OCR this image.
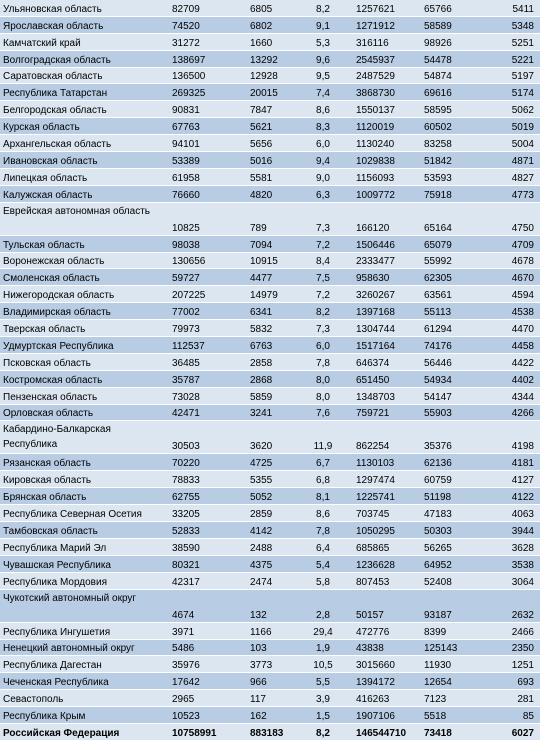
Ульяновская область	82709	6805	8,2	1257621	65766	5411
Ярославская область	74520	6802	9,1	1271912	58589	5348
Камчатский край	31272	1660	5,3	316116	98926	5251
Волгоградская область	138697	13292	9,6	2545937	54478	5221
Саратовская область	136500	12928	9,5	2487529	54874	5197
Республика Татарстан	269325	20015	7,4	3868730	69616	5174
Белгородская область	90831	7847	8,6	1550137	58595	5062
Курская область	67763	5621	8,3	1120019	60502	5019
Архангельская область	94101	5656	6,0	1130240	83258	5004
Ивановская область	53389	5016	9,4	1029838	51842	4871
Липецкая область	61958	5581	9,0	1156093	53593	4827
Калужская область	76660	4820	6,3	1009772	75918	4773
Еврейская автономная область	10825	789	7,3	166120	65164	4750
Тульская область	98038	7094	7,2	1506446	65079	4709
Воронежская область	130656	10915	8,4	2333477	55992	4678
Смоленская область	59727	4477	7,5	958630	62305	4670
Нижегородская область	207225	14979	7,2	3260267	63561	4594
Владимирская область	77002	6341	8,2	1397168	55113	4538
Тверская область	79973	5832	7,3	1304744	61294	4470
Удмуртская Республика	112537	6763	6,0	1517164	74176	4458
Псковская область	36485	2858	7,8	646374	56446	4422
Костромская область	35787	2868	8,0	651450	54934	4402
Пензенская область	73028	5859	8,0	1348703	54147	4344
Орловская область	42471	3241	7,6	759721	55903	4266
Кабардино-Балкарская Республика	30503	3620	11,9	862254	35376	4198
Рязанская область	70220	4725	6,7	1130103	62136	4181
Кировская область	78833	5355	6,8	1297474	60759	4127
Брянская область	62755	5052	8,1	1225741	51198	4122
Республика Северная Осетия	33205	2859	8,6	703745	47183	4063
Тамбовская область	52833	4142	7,8	1050295	50303	3944
Республика Марий Эл	38590	2488	6,4	685865	56265	3628
Чувашская Республика	80321	4375	5,4	1236628	64952	3538
Республика Мордовия	42317	2474	5,8	807453	52408	3064
Чукотский автономный округ	4674	132	2,8	50157	93187	2632
Республика Ингушетия	3971	1166	29,4	472776	8399	2466
Ненецкий автономный округ	5486	103	1,9	43838	125143	2350
Республика Дагестан	35976	3773	10,5	3015660	11930	1251
Чеченская Республика	17642	966	5,5	1394172	12654	693
Севастополь	2965	117	3,9	416263	7123	281
Республика Крым	10523	162	1,5	1907106	5518	85
Российская Федерация	10758991	883183	8,2	146544710	73418	6027
